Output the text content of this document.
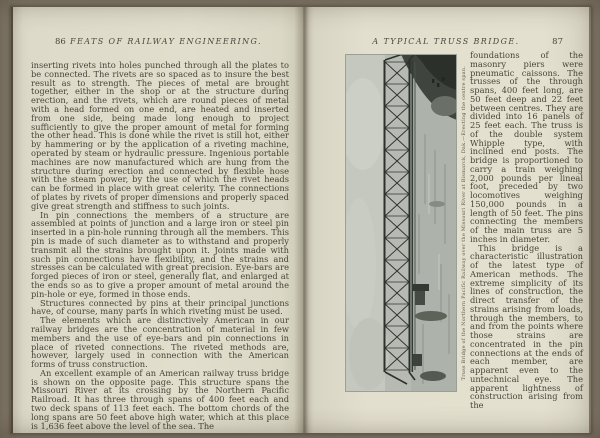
86 FEATS OF RAILWAY ENGINEERING.

inserting rivets into holes punched through all the plates to be connected. The rivets are so spaced as to insure the best result as to strength. The pieces of metal are brought together, either in the shop or at the structure during erection, and the rivets, which are round pieces of metal with a head formed on one end, are heated and inserted from one side, being made long enough to project sufficiently to give the proper amount of metal for forming the other head. This is done while the rivet is still hot, either by hammering or by the application of a riveting machine, operated by steam or hydraulic pressure. Ingenious portable machines are now manufactured which are hung from the structure during erection and connected by flexible hose with the steam power, by the use of which the rivet heads can be formed in place with great celerity. The connections of plates by rivets of proper dimensions and properly spaced give great strength and stiffness to such joints.

In pin connections the members of a structure are assembled at points of junction and a large iron or steel pin inserted in a pin-hole running through all the members. This pin is made of such diameter as to withstand and properly transmit all the strains brought upon it. Joints made with such pin connections have flexibility, and the strains and stresses can be calculated with great precision. Eye-bars are forged pieces of iron or steel, generally flat, and enlarged at the ends so as to give a proper amount of metal around the pin-hole or eye, formed in those ends.

Structures connected by pins at their principal junctions have, of course, many parts in which riveting must be used.

The elements which are distinctively American in our railway bridges are the concentration of material in few members and the use of eye-bars and pin connections in place of riveted connections. The riveted methods are, however, largely used in connection with the American forms of truss construction.

An excellent example of an American railway truss bridge is shown on the opposite page. This structure spans the Missouri River at its crossing by the Northern Pacific Railroad. It has three through spans of 400 feet each and two deck spans of 113 feet each. The bottom chords of the long spans are 50 feet above high water, which at this place is 1,636 feet above the level of the sea. The

A TYPICAL TRUSS BRIDGE.	87
Truss Bridge of the Northern Pacific Railway over the Missouri River at Bismarck, Dak.—Erecting the centre span.

foundations of the masonry piers were pneumatic caissons. The trusses of the through spans, 400 feet long, are 50 feet deep and 22 feet between centres. They are divided into 16 panels of 25 feet each. The truss is of the double system Whipple type, with inclined end posts. The bridge is proportioned to carry a train weighing 2,000 pounds per lineal foot, preceded by two locomotives weighing 150,000 pounds in a length of 50 feet. The pins connecting the members of the main truss are 5 inches in diameter.

This bridge is a characteristic illustration of the latest type of American methods. The extreme simplicity of its lines of construction, the direct transfer of the strains arising from loads, through the members, to and from the points where those strains are concentrated in the pin connections at the ends of each member, are apparent even to the untechnical eye. The apparent lightness of construction arising from the
